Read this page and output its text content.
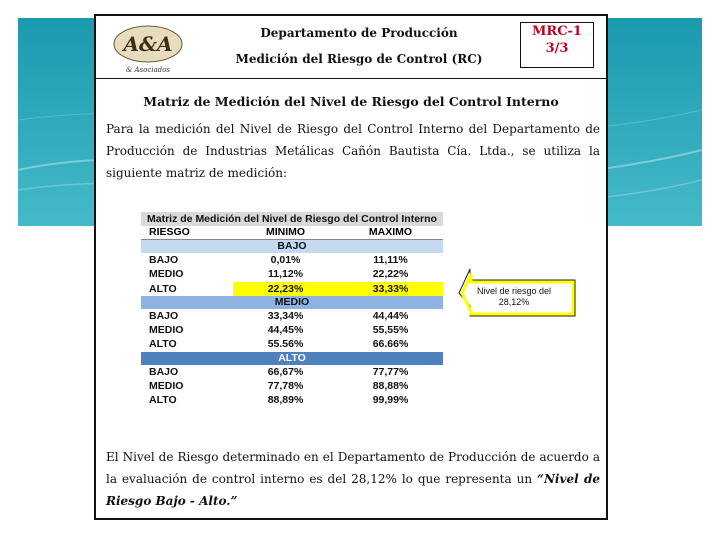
A&A
& Asociados
Departamento de Producción
Medición del Riesgo de Control (RC)
MRC-1
3/3
Matriz de Medición del Nivel de Riesgo del Control Interno
Para la medición del Nivel de Riesgo del Control Interno del Departamento de Producción de Industrias Metálicas Cañón Bautista Cía. Ltda., se utiliza la siguiente matriz de medición:
Matriz de Medición del Nivel de Riesgo del Control Interno
RIESGO	MINIMO	MAXIMO
BAJO
BAJO	0,01%	11,11%
MEDIO	11,12%	22,22%
ALTO	22,23%	33,33%
MEDIO
BAJO	33,34%	44,44%
MEDIO	44,45%	55,55%
ALTO	55.56%	66.66%
ALTO
BAJO	66,67%	77,77%
MEDIO	77,78%	88,88%
ALTO	88,89%	99,99%
El Nivel de Riesgo determinado en el Departamento de Producción de acuerdo a la evaluación de control interno es del 28,12% lo que representa un “Nivel de Riesgo Bajo - Alto.”
Nivel de riesgo del 28,12%
